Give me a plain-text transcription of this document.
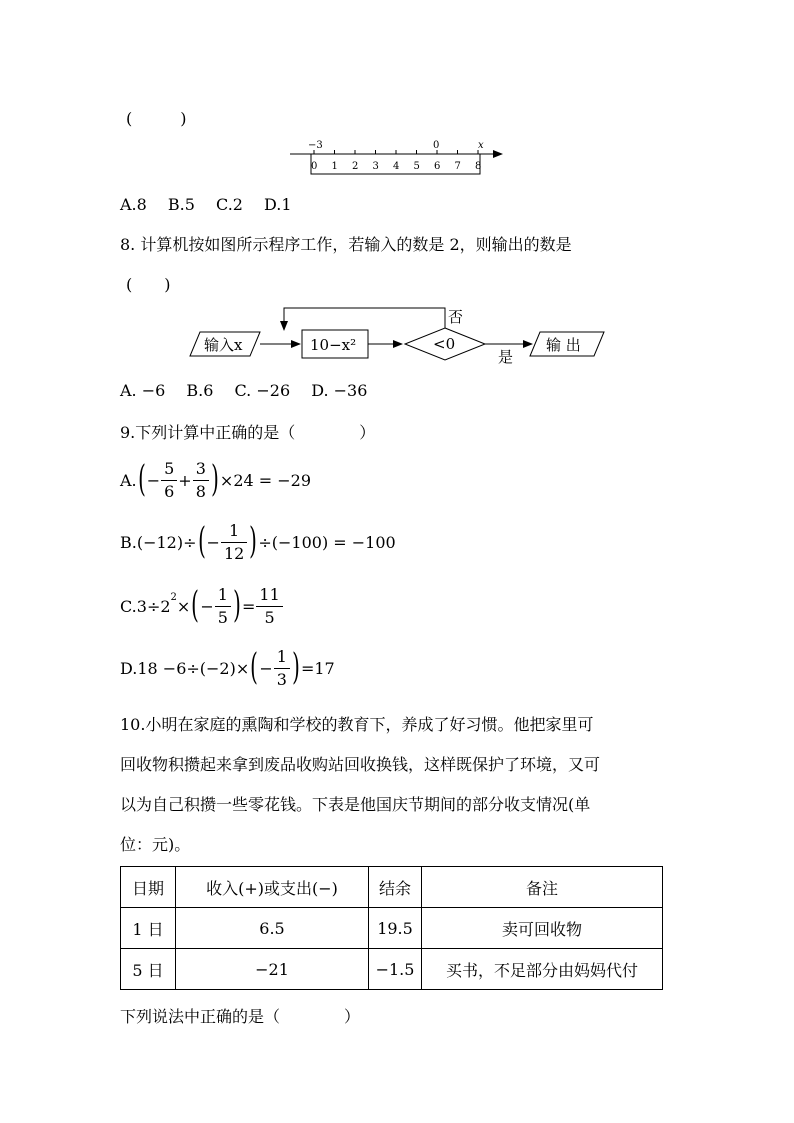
(　　　)
−3	0	x
0 1 2 3 4 5 6 7 8
A.8 　B.5 　C.2 　D.1
8. 计算机按如图所示程序工作，若输入的数是 2，则输出的数是
(　　)
输入x	10−x²	<0
否
是
输 出
A. −6 　B.6 　C. −26 　D. −36
9.下列计算中正确的是（　　　　）
A. ( − $\frac{5}{6} + \frac{3}{8}$ ) ×24 = −29
B.(−12)÷ ( − $\frac{1}{12}$ ) ÷(−100) = −100
$C.3\div 2^2$ × ( − $\frac{1}{5}$ ) = $\frac{11}{5}$
D.18 −6÷(−2)× ( − $\frac{1}{3}$ ) =17
10.小明在家庭的熏陶和学校的教育下，养成了好习惯。他把家里可
回收物积攒起来拿到废品收购站回收换钱，这样既保护了环境，又可
以为自己积攒一些零花钱。下表是他国庆节期间的部分收支情况(单
位：元)。
日期	收入(+)或支出(−)	结余	备注
1 日	6.5	19.5	卖可回收物
5 日	−21	−1.5	买书，不足部分由妈妈代付
下列说法中正确的是（　　　　）
